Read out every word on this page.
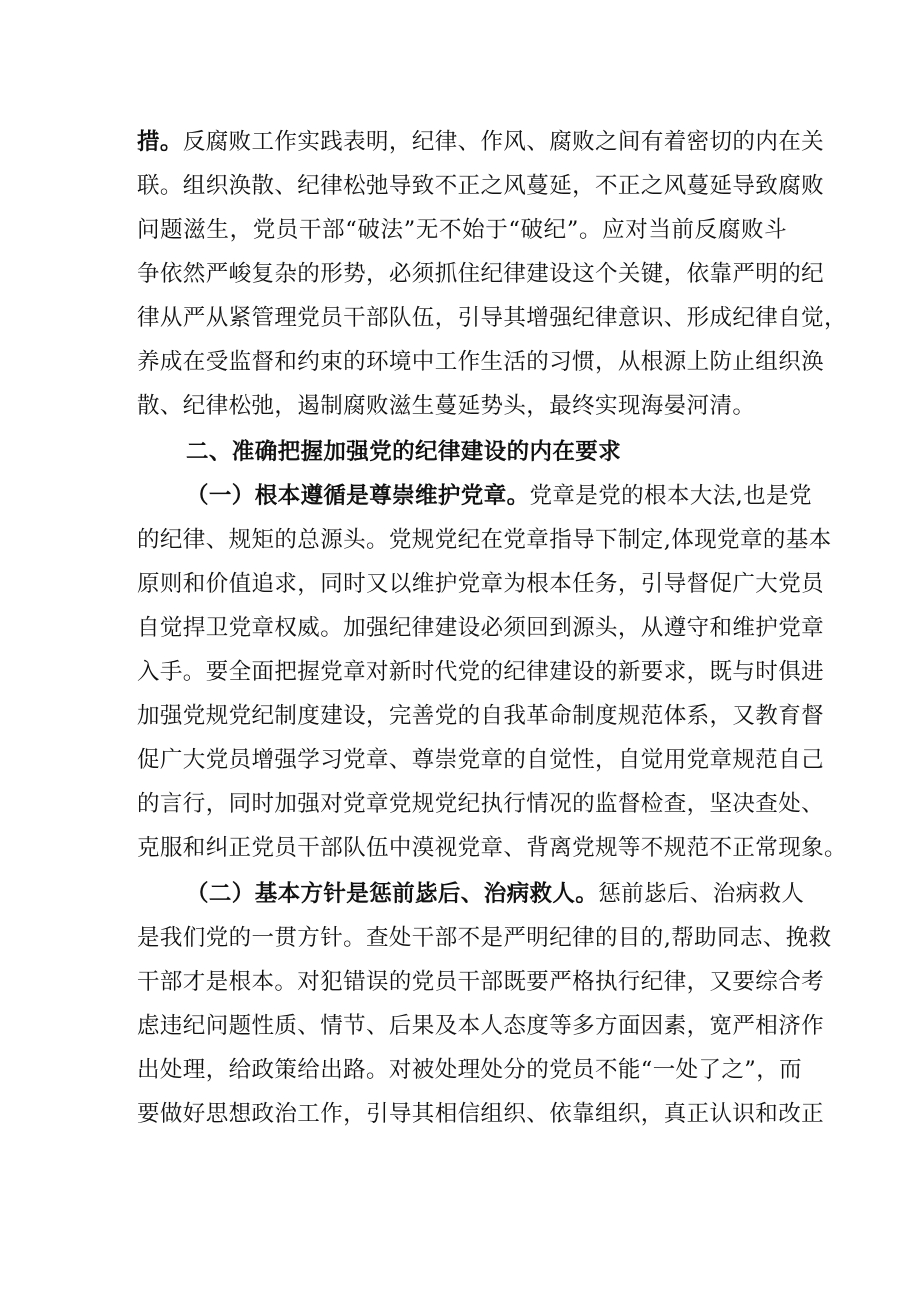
措。反腐败工作实践表明，纪律、作风、腐败之间有着密切的内在关
联。组织涣散、纪律松弛导致不正之风蔓延，不正之风蔓延导致腐败
问题滋生，党员干部“破法”无不始于“破纪”。应对当前反腐败斗
争依然严峻复杂的形势，必须抓住纪律建设这个关键，依靠严明的纪
律从严从紧管理党员干部队伍，引导其增强纪律意识、形成纪律自觉，
养成在受监督和约束的环境中工作生活的习惯，从根源上防止组织涣
散、纪律松弛，遏制腐败滋生蔓延势头，最终实现海晏河清。
二、准确把握加强党的纪律建设的内在要求
（一）根本遵循是尊崇维护党章。党章是党的根本大法,也是党
的纪律、规矩的总源头。党规党纪在党章指导下制定,体现党章的基本
原则和价值追求，同时又以维护党章为根本任务，引导督促广大党员
自觉捍卫党章权威。加强纪律建设必须回到源头，从遵守和维护党章
入手。要全面把握党章对新时代党的纪律建设的新要求，既与时俱进
加强党规党纪制度建设，完善党的自我革命制度规范体系，又教育督
促广大党员增强学习党章、尊崇党章的自觉性，自觉用党章规范自己
的言行，同时加强对党章党规党纪执行情况的监督检查，坚决查处、
克服和纠正党员干部队伍中漠视党章、背离党规等不规范不正常现象。
（二）基本方针是惩前毖后、治病救人。惩前毖后、治病救人
是我们党的一贯方针。查处干部不是严明纪律的目的,帮助同志、挽救
干部才是根本。对犯错误的党员干部既要严格执行纪律，又要综合考
虑违纪问题性质、情节、后果及本人态度等多方面因素，宽严相济作
出处理，给政策给出路。对被处理处分的党员不能“一处了之”，而
要做好思想政治工作，引导其相信组织、依靠组织，真正认识和改正
